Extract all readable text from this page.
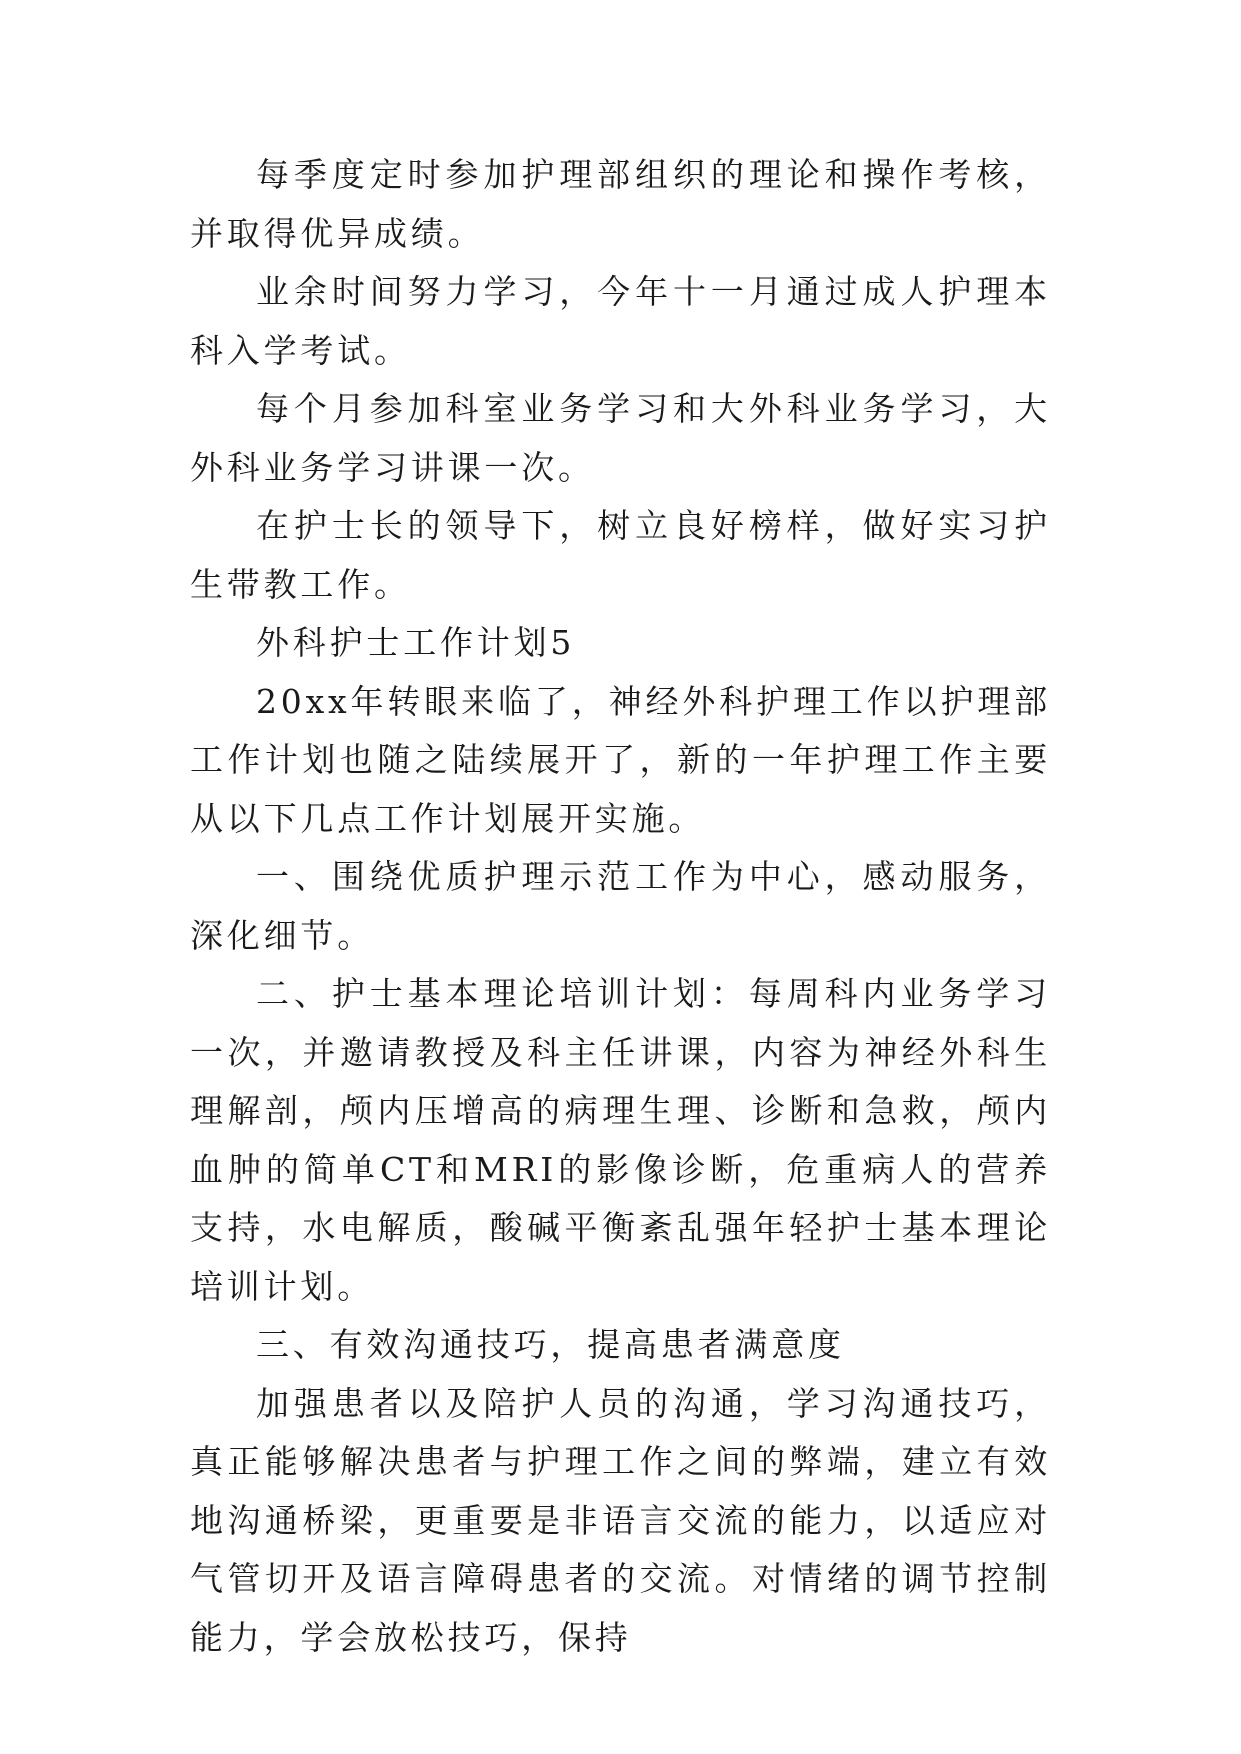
每季度定时参加护理部组织的理论和操作考核，并取得优异成绩。

业余时间努力学习，今年十一月通过成人护理本科入学考试。

每个月参加科室业务学习和大外科业务学习，大外科业务学习讲课一次。

在护士长的领导下，树立良好榜样，做好实习护生带教工作。

外科护士工作计划5

20xx年转眼来临了，神经外科护理工作以护理部工作计划也随之陆续展开了，新的一年护理工作主要从以下几点工作计划展开实施。

一、围绕优质护理示范工作为中心，感动服务，深化细节。

二、护士基本理论培训计划：每周科内业务学习一次，并邀请教授及科主任讲课，内容为神经外科生理解剖，颅内压增高的病理生理、诊断和急救，颅内血肿的简单CT和MRI的影像诊断，危重病人的营养支持，水电解质，酸碱平衡紊乱强年轻护士基本理论培训计划。

三、有效沟通技巧，提高患者满意度

加强患者以及陪护人员的沟通，学习沟通技巧，真正能够解决患者与护理工作之间的弊端，建立有效地沟通桥梁，更重要是非语言交流的能力，以适应对气管切开及语言障碍患者的交流。对情绪的调节控制能力，学会放松技巧，保持
